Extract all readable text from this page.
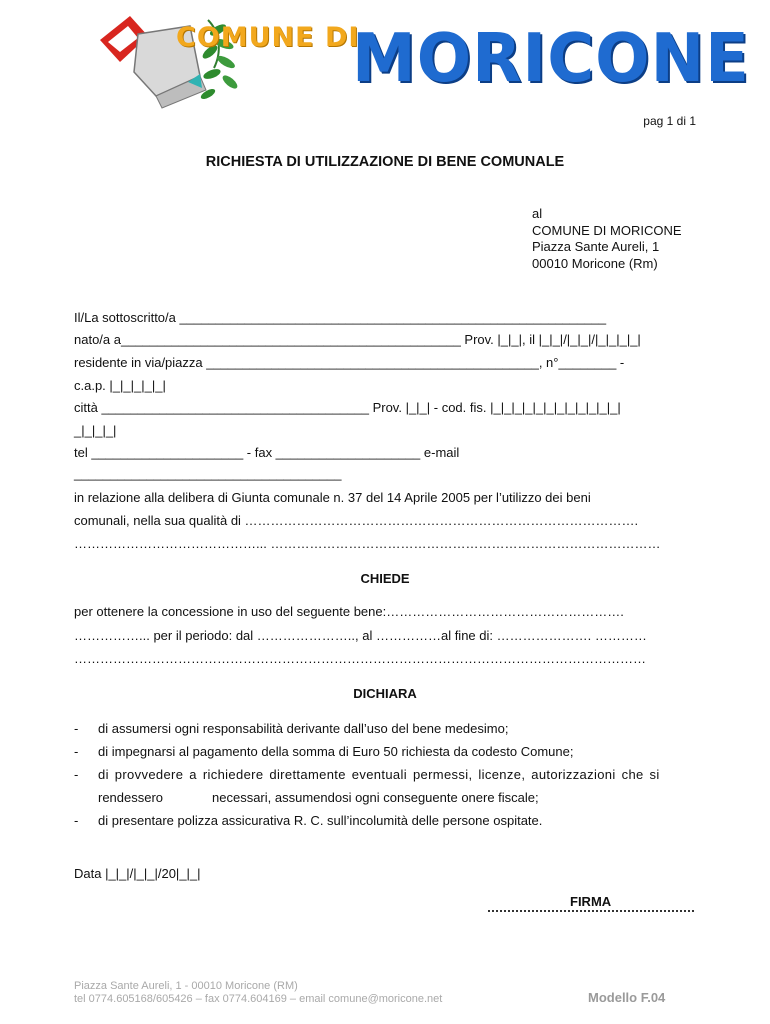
COMUNE DI
MORICONE
pag 1 di 1
RICHIESTA DI UTILIZZAZIONE DI BENE COMUNALE
al
COMUNE DI MORICONE
Piazza Sante Aureli, 1
00010 Moricone (Rm)
Il/La sottoscritto/a ___________________________________________________________
nato/a a_______________________________________________ Prov. |_|_|, il |_|_|/|_|_|/|_|_|_|_|
residente in via/piazza ______________________________________________, n°________ -
c.a.p. |_|_|_|_|_|
città _____________________________________ Prov. |_|_| - cod. fis. |_|_|_|_|_|_|_|_|_|_|_|_|
_|_|_|_|
tel _____________________ - fax ____________________ e-mail
_____________________________________
in relazione alla delibera di Giunta comunale n. 37 del 14 Aprile 2005 per l’utilizzo dei beni
comunali, nella sua qualità di ……………………………………………………………………………….
……………………………………... ………………………………………………………………………………
CHIEDE
per ottenere la concessione in uso del seguente bene:……………………………………………….
……………... per il periodo: dal ………………….., al ……………al fine di: …………………. …………
……………………………………………………………………………………………………………………
DICHIARA
- di assumersi ogni responsabilità derivante dall’uso del bene medesimo;
- di impegnarsi al pagamento della somma di Euro 50 richiesta da codesto Comune;
- di provvedere a richiedere direttamente eventuali permessi, licenze, autorizzazioni che si
rendessero	necessari, assumendosi ogni conseguente onere fiscale;
- di presentare polizza assicurativa R. C. sull’incolumità delle persone ospitate.
Data |_|_|/|_|_|/20|_|_|
FIRMA
Piazza Sante Aureli, 1 - 00010 Moricone (RM)
tel 0774.605168/605426 – fax 0774.604169 – email comune@moricone.net	Modello F.04
